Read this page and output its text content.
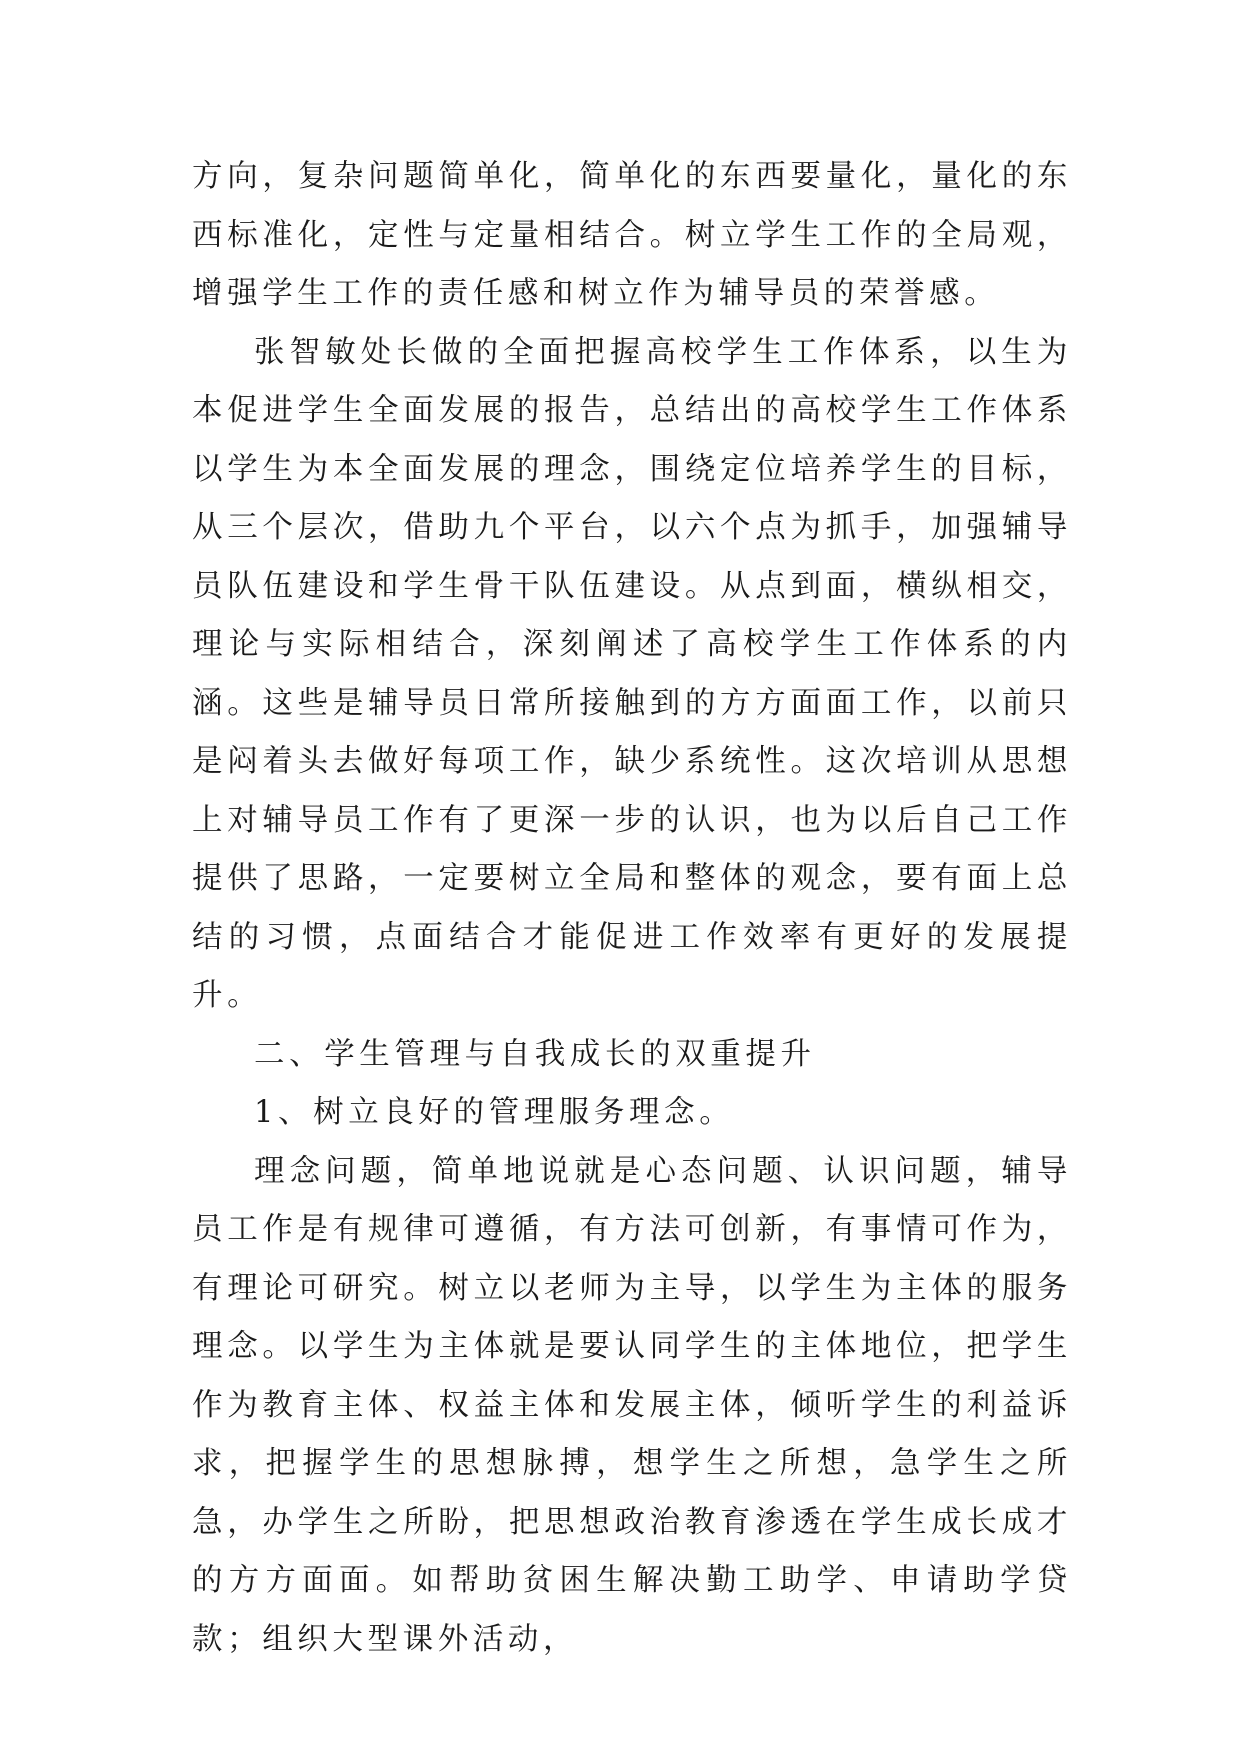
方向，复杂问题简单化，简单化的东西要量化，量化的东西标准化，定性与定量相结合。树立学生工作的全局观，增强学生工作的责任感和树立作为辅导员的荣誉感。

张智敏处长做的全面把握高校学生工作体系，以生为本促进学生全面发展的报告，总结出的高校学生工作体系以学生为本全面发展的理念，围绕定位培养学生的目标，从三个层次，借助九个平台，以六个点为抓手，加强辅导员队伍建设和学生骨干队伍建设。从点到面，横纵相交，理论与实际相结合，深刻阐述了高校学生工作体系的内涵。这些是辅导员日常所接触到的方方面面工作，以前只是闷着头去做好每项工作，缺少系统性。这次培训从思想上对辅导员工作有了更深一步的认识，也为以后自己工作提供了思路，一定要树立全局和整体的观念，要有面上总结的习惯，点面结合才能促进工作效率有更好的发展提升。

二、学生管理与自我成长的双重提升

1、树立良好的管理服务理念。

理念问题，简单地说就是心态问题、认识问题，辅导员工作是有规律可遵循，有方法可创新，有事情可作为，有理论可研究。树立以老师为主导，以学生为主体的服务理念。以学生为主体就是要认同学生的主体地位，把学生作为教育主体、权益主体和发展主体，倾听学生的利益诉求，把握学生的思想脉搏，想学生之所想，急学生之所急，办学生之所盼，把思想政治教育渗透在学生成长成才的方方面面。如帮助贫困生解决勤工助学、申请助学贷款；组织大型课外活动，
